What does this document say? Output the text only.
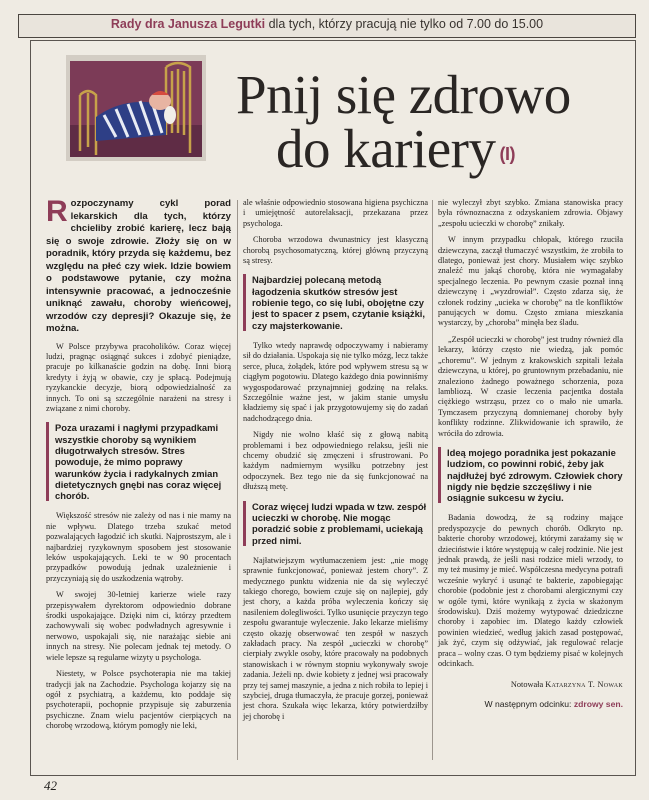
Rady dra Janusza Legutki dla tych, którzy pracują nie tylko od 7.00 do 15.00
Pnij się zdrowo
do kariery (I)

Rozpoczynamy cykl porad lekarskich dla tych, którzy chcieliby zrobić karierę, lecz bają się o swoje zdrowie. Złoży się on w poradnik, który przyda się każdemu, bez względu na płeć czy wiek. Idzie bowiem o podstawowe pytanie, czy można intensywnie pracować, a jednocześnie uniknąć zawału, choroby wieńcowej, wrzodów czy depresji? Okazuje się, że można.

W Polsce przybywa pracoholików. Coraz więcej ludzi, pragnąc osiągnąć sukces i zdobyć pieniądze, pracuje po kilkanaście godzin na dobę. Inni biorą kredyty i żyją w obawie, czy je spłacą. Podejmują ryzykanckie decyzje, biorą odpowiedzialność za innych. To oni są szczególnie narażeni na stresy i związane z nimi choroby.

Poza urazami i nagłymi przypadkami wszystkie choroby są wynikiem długotrwałych stresów. Stres powoduje, że mimo poprawy warunków życia i radykalnych zmian dietetycznych gnębi nas coraz więcej chorób.

Większość stresów nie zależy od nas i nie mamy na nie wpływu. Dlatego trzeba szukać metod pozwalających łagodzić ich skutki. Najprostszym, ale i najbardziej ryzykownym sposobem jest stosowanie leków uspokajających. Leki te w 90 procentach przypadków powodują jednak uzależnienie i przyczyniają się do uszkodzenia wątroby.

W swojej 30-letniej karierze wiele razy przepisywałem dyrektorom odpowiednio dobrane środki uspokajające. Dzięki nim ci, którzy przedtem zachowywali się wobec podwładnych agresywnie i nerwowo, uspokajali się, nie narażając siebie ani innych na stresy. Nie polecam jednak tej metody. O wiele lepsze są regularne wizyty u psychologa.

Niestety, w Polsce psychoterapia nie ma takiej tradycji jak na Zachodzie. Psychologa kojarzy się na ogół z psychiatrą, a każdemu, kto poddaje się psychoterapii, pochopnie przypisuje się zaburzenia psychiczne. Znam wielu pacjentów cierpiących na chorobę wrzodową, którym pomogły nie leki,

ale właśnie odpowiednio stosowana higiena psychiczna i umiejętność autorelaksacji, przekazana przez psychologa.

Choroba wrzodowa dwunastnicy jest klasyczną chorobą psychosomatyczną, której główną przyczyną są stresy.

Najbardziej polecaną metodą łagodzenia skutków stresów jest robienie tego, co się lubi, obojętne czy jest to spacer z psem, czytanie książki, czy majsterkowanie.

Tylko wtedy naprawdę odpoczywamy i nabieramy sił do działania. Uspokaja się nie tylko mózg, lecz także serce, płuca, żołądek, które pod wpływem stresu są w ciągłym pogotowiu. Dlatego każdego dnia powinniśmy wygospodarować przynajmniej godzinę na relaks. Szczególnie ważne jest, w jakim stanie umysłu kładziemy się spać i jak przygotowujemy się do zadań nadchodzącego dnia.

Nigdy nie wolno kłaść się z głową nabitą problemami i bez odpowiedniego relaksu, jeśli nie chcemy obudzić się zmęczeni i sfrustrowani. Po każdym nadmiernym wysiłku potrzebny jest odpoczynek. Bez tego nie da się funkcjonować na dłuższą metę.

Coraz więcej ludzi wpada w tzw. zespół ucieczki w chorobę. Nie mogąc poradzić sobie z problemami, uciekają przed nimi.

Najłatwiejszym wytłumaczeniem jest: „nie mogę sprawnie funkcjonować, ponieważ jestem chory”. Z medycznego punktu widzenia nie da się wyleczyć takiego chorego, bowiem czuje się on najlepiej, gdy jest chory, a każda próba wyleczenia kończy się nasileniem dolegliwości. Tylko usunięcie przyczyn tego zespołu gwarantuje wyleczenie. Jako lekarze mieliśmy często okazję obserwować ten zespół w naszych zakładach pracy. Na zespół „ucieczki w chorobę” cierpiały zwykle osoby, które pracowały na podobnych stanowiskach i w równym stopniu wykonywały swoje zadania. Jeżeli np. dwie kobiety z jednej wsi pracowały przy tej samej maszynie, a jedna z nich robiła to lepiej i szybciej, druga tłumaczyła, że pracuje gorzej, ponieważ jest chora. Szukała więc lekarza, który potwierdziłby jej chorobę i

nie wyleczył zbyt szybko. Zmiana stanowiska pracy była równoznaczna z odzyskaniem zdrowia. Objawy „zespołu ucieczki w chorobę” znikały.

W innym przypadku chłopak, którego rzuciła dziewczyna, zaczął tłumaczyć wszystkim, że zrobiła to dlatego, ponieważ jest chory. Musiałem więc szybko znaleźć mu jakąś chorobę, która nie wymagałaby specjalnego leczenia. Po pewnym czasie poznał inną dziewczynę i „wyzdrowiał”. Często zdarza się, że członek rodziny „ucieka w chorobę” na tle konfliktów panujących w domu. Często zmiana mieszkania wystarczy, by „choroba” minęła bez śladu.

„Zespół ucieczki w chorobę” jest trudny również dla lekarzy, którzy często nie wiedzą, jak pomóc „choremu”. W jednym z krakowskich szpitali leżała dziewczyna, u której, po gruntownym przebadaniu, nie znaleziono żadnego poważnego schorzenia, poza lambliozą. W czasie leczenia pacjentka dostała ciężkiego wstrząsu, przez co o mało nie umarła. Tymczasem przyczyną domniemanej choroby były konflikty rodzinne. Zlikwidowanie ich sprawiło, że wróciła do zdrowia.

Ideą mojego poradnika jest pokazanie ludziom, co powinni robić, żeby jak najdłużej być zdrowym. Człowiek chory nigdy nie będzie szczęśliwy i nie osiągnie sukcesu w życiu.

Badania dowodzą, że są rodziny mające predyspozycje do pewnych chorób. Odkryto np. bakterie choroby wrzodowej, którymi zarażamy się w dzieciństwie i które występują w całej rodzinie. Nie jest jednak prawdą, że jeśli nasi rodzice mieli wrzody, to my też musimy je mieć. Współczesna medycyna potrafi wcześnie wykryć i usunąć te bakterie, zapobiegając chorobie (podobnie jest z chorobami alergicznymi czy w ogóle tymi, które wynikają z życia w skażonym środowisku). Dziś możemy wytypować dziedziczne choroby i zapobiec im. Dlatego każdy człowiek powinien wiedzieć, według jakich zasad postępować, jak żyć, czym się odżywiać, jak regulować relacje praca – wolny czas. O tym będziemy pisać w kolejnych odcinkach.

Notowała Katarzyna T. Nowak

W następnym odcinku: zdrowy sen.

42
